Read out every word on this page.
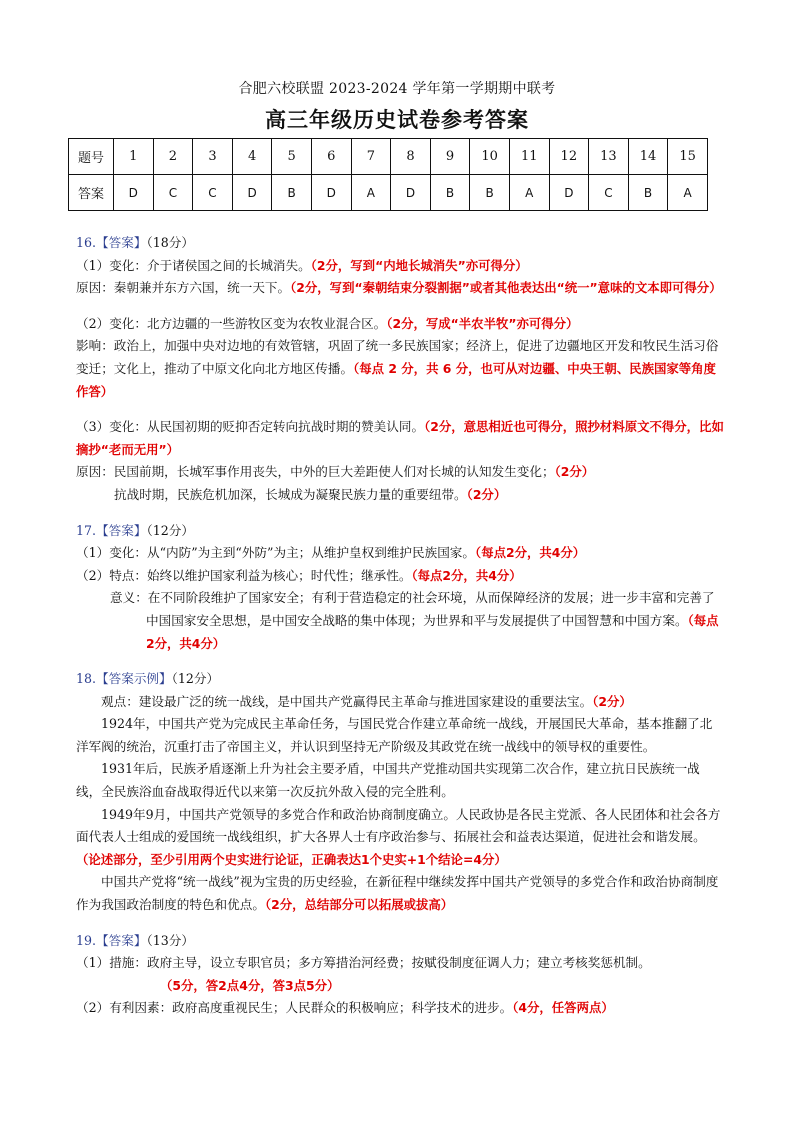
合肥六校联盟 2023-2024 学年第一学期期中联考
高三年级历史试卷参考答案
题号	1	2	3	4	5	6	7	8	9	10	11	12	13	14	15
答案	D	C	C	D	B	D	A	D	B	B	A	D	C	B	A

16.【答案】（18分）

（1）变化：介于诸侯国之间的长城消失。（2分，写到“内地长城消失”亦可得分）

原因：秦朝兼并东方六国，统一天下。（2分，写到“秦朝结束分裂割据”或者其他表达出“统一”意味的文本即可得分）

（2）变化：北方边疆的一些游牧区变为农牧业混合区。（2分，写成“半农半牧”亦可得分）

影响：政治上，加强中央对边地的有效管辖，巩固了统一多民族国家；经济上，促进了边疆地区开发和牧民生活习俗变迁；文化上，推动了中原文化向北方地区传播。（每点 2 分，共 6 分，也可从对边疆、中央王朝、民族国家等角度作答）

（3）变化：从民国初期的贬抑否定转向抗战时期的赞美认同。（2分，意思相近也可得分，照抄材料原文不得分，比如摘抄“老而无用”）

原因：民国前期，长城军事作用丧失，中外的巨大差距使人们对长城的认知发生变化；（2分）

抗战时期，民族危机加深，长城成为凝聚民族力量的重要纽带。（2分）

17.【答案】（12分）

（1）变化：从“内防”为主到“外防”为主；从维护皇权到维护民族国家。（每点2分，共4分）

（2）特点：始终以维护国家利益为核心；时代性；继承性。（每点2分，共4分）

意义：在不同阶段维护了国家安全；有利于营造稳定的社会环境，从而保障经济的发展；进一步丰富和完善了中国国家安全思想，是中国安全战略的集中体现；为世界和平与发展提供了中国智慧和中国方案。（每点2分，共4分）

18.【答案示例】（12分）

观点：建设最广泛的统一战线，是中国共产党赢得民主革命与推进国家建设的重要法宝。（2分）

1924年，中国共产党为完成民主革命任务，与国民党合作建立革命统一战线，开展国民大革命，基本推翻了北洋军阀的统治，沉重打击了帝国主义，并认识到坚持无产阶级及其政党在统一战线中的领导权的重要性。

1931年后，民族矛盾逐渐上升为社会主要矛盾，中国共产党推动国共实现第二次合作，建立抗日民族统一战线，全民族浴血奋战取得近代以来第一次反抗外敌入侵的完全胜利。

1949年9月，中国共产党领导的多党合作和政治协商制度确立。人民政协是各民主党派、各人民团体和社会各方面代表人士组成的爱国统一战线组织，扩大各界人士有序政治参与、拓展社会和益表达渠道，促进社会和谐发展。（论述部分，至少引用两个史实进行论证，正确表达1个史实+1个结论=4分）

中国共产党将“统一战线”视为宝贵的历史经验，在新征程中继续发挥中国共产党领导的多党合作和政治协商制度作为我国政治制度的特色和优点。（2分，总结部分可以拓展或拔高）

19.【答案】（13分）

（1）措施：政府主导，设立专职官员；多方筹措治河经费；按赋役制度征调人力；建立考核奖惩机制。

（5分，答2点4分，答3点5分）

（2）有利因素：政府高度重视民生；人民群众的积极响应；科学技术的进步。（4分，任答两点）
